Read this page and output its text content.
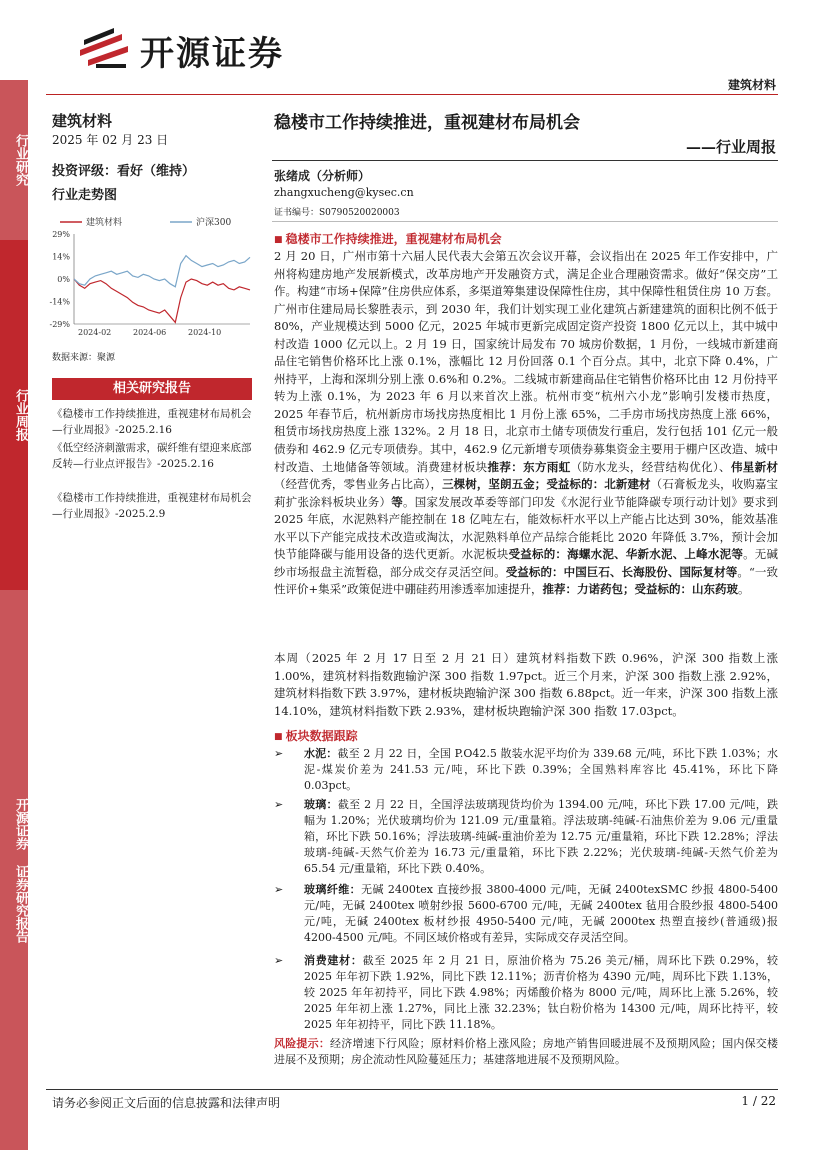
开源证券
建筑材料
行业研究
行业周报
开源证券 证券研究报告
建筑材料
2025 年 02 月 23 日
投资评级：看好（维持）
行业走势图
建筑材料	沪深300
29%
14%
0%
-14%
-29%
2024-02	2024-06	2024-10
数据来源：聚源
相关研究报告
《稳楼市工作持续推进，重视建材布局机会—行业周报》-2025.2.16
《低空经济刺激需求，碳纤维有望迎来底部反转—行业点评报告》-2025.2.16
《稳楼市工作持续推进，重视建材布局机会—行业周报》-2025.2.9
稳楼市工作持续推进，重视建材布局机会
——行业周报
张绪成（分析师）
zhangxucheng@kysec.cn
证书编号：S0790520020003
■ 稳楼市工作持续推进，重视建材布局机会
2 月 20 日，广州市第十六届人民代表大会第五次会议开幕，会议指出在 2025 年工作安排中，广州将构建房地产发展新模式，改革房地产开发融资方式，满足企业合理融资需求。做好“保交房”工作。构建“市场+保障”住房供应体系，多渠道筹集建设保障性住房，其中保障性租赁住房 10 万套。广州市住建局局长黎胜表示，到 2030 年，我们计划实现工业化建筑占新建建筑的面积比例不低于 80%，产业规模达到 5000 亿元，2025 年城市更新完成固定资产投资 1800 亿元以上，其中城中村改造 1000 亿元以上。2 月 19 日，国家统计局发布 70 城房价数据，1 月份，一线城市新建商品住宅销售价格环比上涨 0.1%，涨幅比 12 月份回落 0.1 个百分点。其中，北京下降 0.4%，广州持平，上海和深圳分别上涨 0.6%和 0.2%。二线城市新建商品住宅销售价格环比由 12 月份持平转为上涨 0.1%，为 2023 年 6 月以来首次上涨。杭州市变“杭州六小龙”影响引发楼市热度，2025 年春节后，杭州新房市场找房热度相比 1 月份上涨 65%，二手房市场找房热度上涨 66%，租赁市场找房热度上涨 132%。2 月 18 日，北京市土储专项债发行重启，发行包括 101 亿元一般债券和 462.9 亿元专项债券。其中，462.9 亿元新增专项债券募集资金主要用于棚户区改造、城中村改造、土地储备等领域。消费建材板块推荐：东方雨虹（防水龙头，经营结构优化）、伟星新材（经营优秀，零售业务占比高），三棵树，坚朗五金；受益标的：北新建材（石膏板龙头，收购嘉宝莉扩张涂料板块业务）等。国家发展改革委等部门印发《水泥行业节能降碳专项行动计划》要求到 2025 年底，水泥熟料产能控制在 18 亿吨左右，能效标杆水平以上产能占比达到 30%，能效基准水平以下产能完成技术改造或淘汰，水泥熟料单位产品综合能耗比 2020 年降低 3.7%，预计会加快节能降碳与能用设备的迭代更新。水泥板块受益标的：海螺水泥、华新水泥、上峰水泥等。无碱纱市场报盘主流暂稳，部分成交存灵活空间。受益标的：中国巨石、长海股份、国际复材等。“一致性评价+集采”政策促进中硼硅药用渗透率加速提升，推荐：力诺药包；受益标的：山东药玻。
本周（2025 年 2 月 17 日至 2 月 21 日）建筑材料指数下跌 0.96%，沪深 300 指数上涨 1.00%，建筑材料指数跑输沪深 300 指数 1.97pct。近三个月来，沪深 300 指数上涨 2.92%，建筑材料指数下跌 3.97%，建材板块跑输沪深 300 指数 6.88pct。近一年来，沪深 300 指数上涨 14.10%，建筑材料指数下跌 2.93%，建材板块跑输沪深 300 指数 17.03pct。
■ 板块数据跟踪
➢	水泥：截至 2 月 22 日，全国 P.O42.5 散装水泥平均价为 339.68 元/吨，环比下跌 1.03%；水泥-煤炭价差为 241.53 元/吨，环比下跌 0.39%；全国熟料库容比 45.41%，环比下降 0.03pct。
➢	玻璃：截至 2 月 22 日，全国浮法玻璃现货均价为 1394.00 元/吨，环比下跌 17.00 元/吨，跌幅为 1.20%；光伏玻璃均价为 121.09 元/重量箱。浮法玻璃-纯碱-石油焦价差为 9.06 元/重量箱，环比下跌 50.16%；浮法玻璃-纯碱-重油价差为 12.75 元/重量箱，环比下跌 12.28%；浮法玻璃-纯碱-天然气价差为 16.73 元/重量箱，环比下跌 2.22%；光伏玻璃-纯碱-天然气价差为 65.54 元/重量箱，环比下跌 0.40%。
➢	玻璃纤维：无碱 2400tex 直接纱报 3800-4000 元/吨，无碱 2400texSMC 纱报 4800-5400 元/吨，无碱 2400tex 喷射纱报 5600-6700 元/吨，无碱 2400tex 毡用合股纱报 4800-5400 元/吨，无碱 2400tex 板材纱报 4950-5400 元/吨，无碱 2000tex 热塑直接纱(普通级)报 4200-4500 元/吨。不同区域价格或有差异，实际成交存灵活空间。
➢	消费建材：截至 2025 年 2 月 21 日，原油价格为 75.26 美元/桶，周环比下跌 0.29%，较 2025 年年初下跌 1.92%，同比下跌 12.11%；沥青价格为 4390 元/吨，周环比下跌 1.13%，较 2025 年年初持平，同比下跌 4.98%；丙烯酸价格为 8000 元/吨，周环比上涨 5.26%，较 2025 年年初上涨 1.27%，同比上涨 32.23%；钛白粉价格为 14300 元/吨，周环比持平，较 2025 年年初持平，同比下跌 11.18%。
风险提示：经济增速下行风险；原材料价格上涨风险；房地产销售回暖进展不及预期风险；国内保交楼进展不及预期；房企流动性风险蔓延压力；基建落地进展不及预期风险。
请务必参阅正文后面的信息披露和法律声明	1 / 22
